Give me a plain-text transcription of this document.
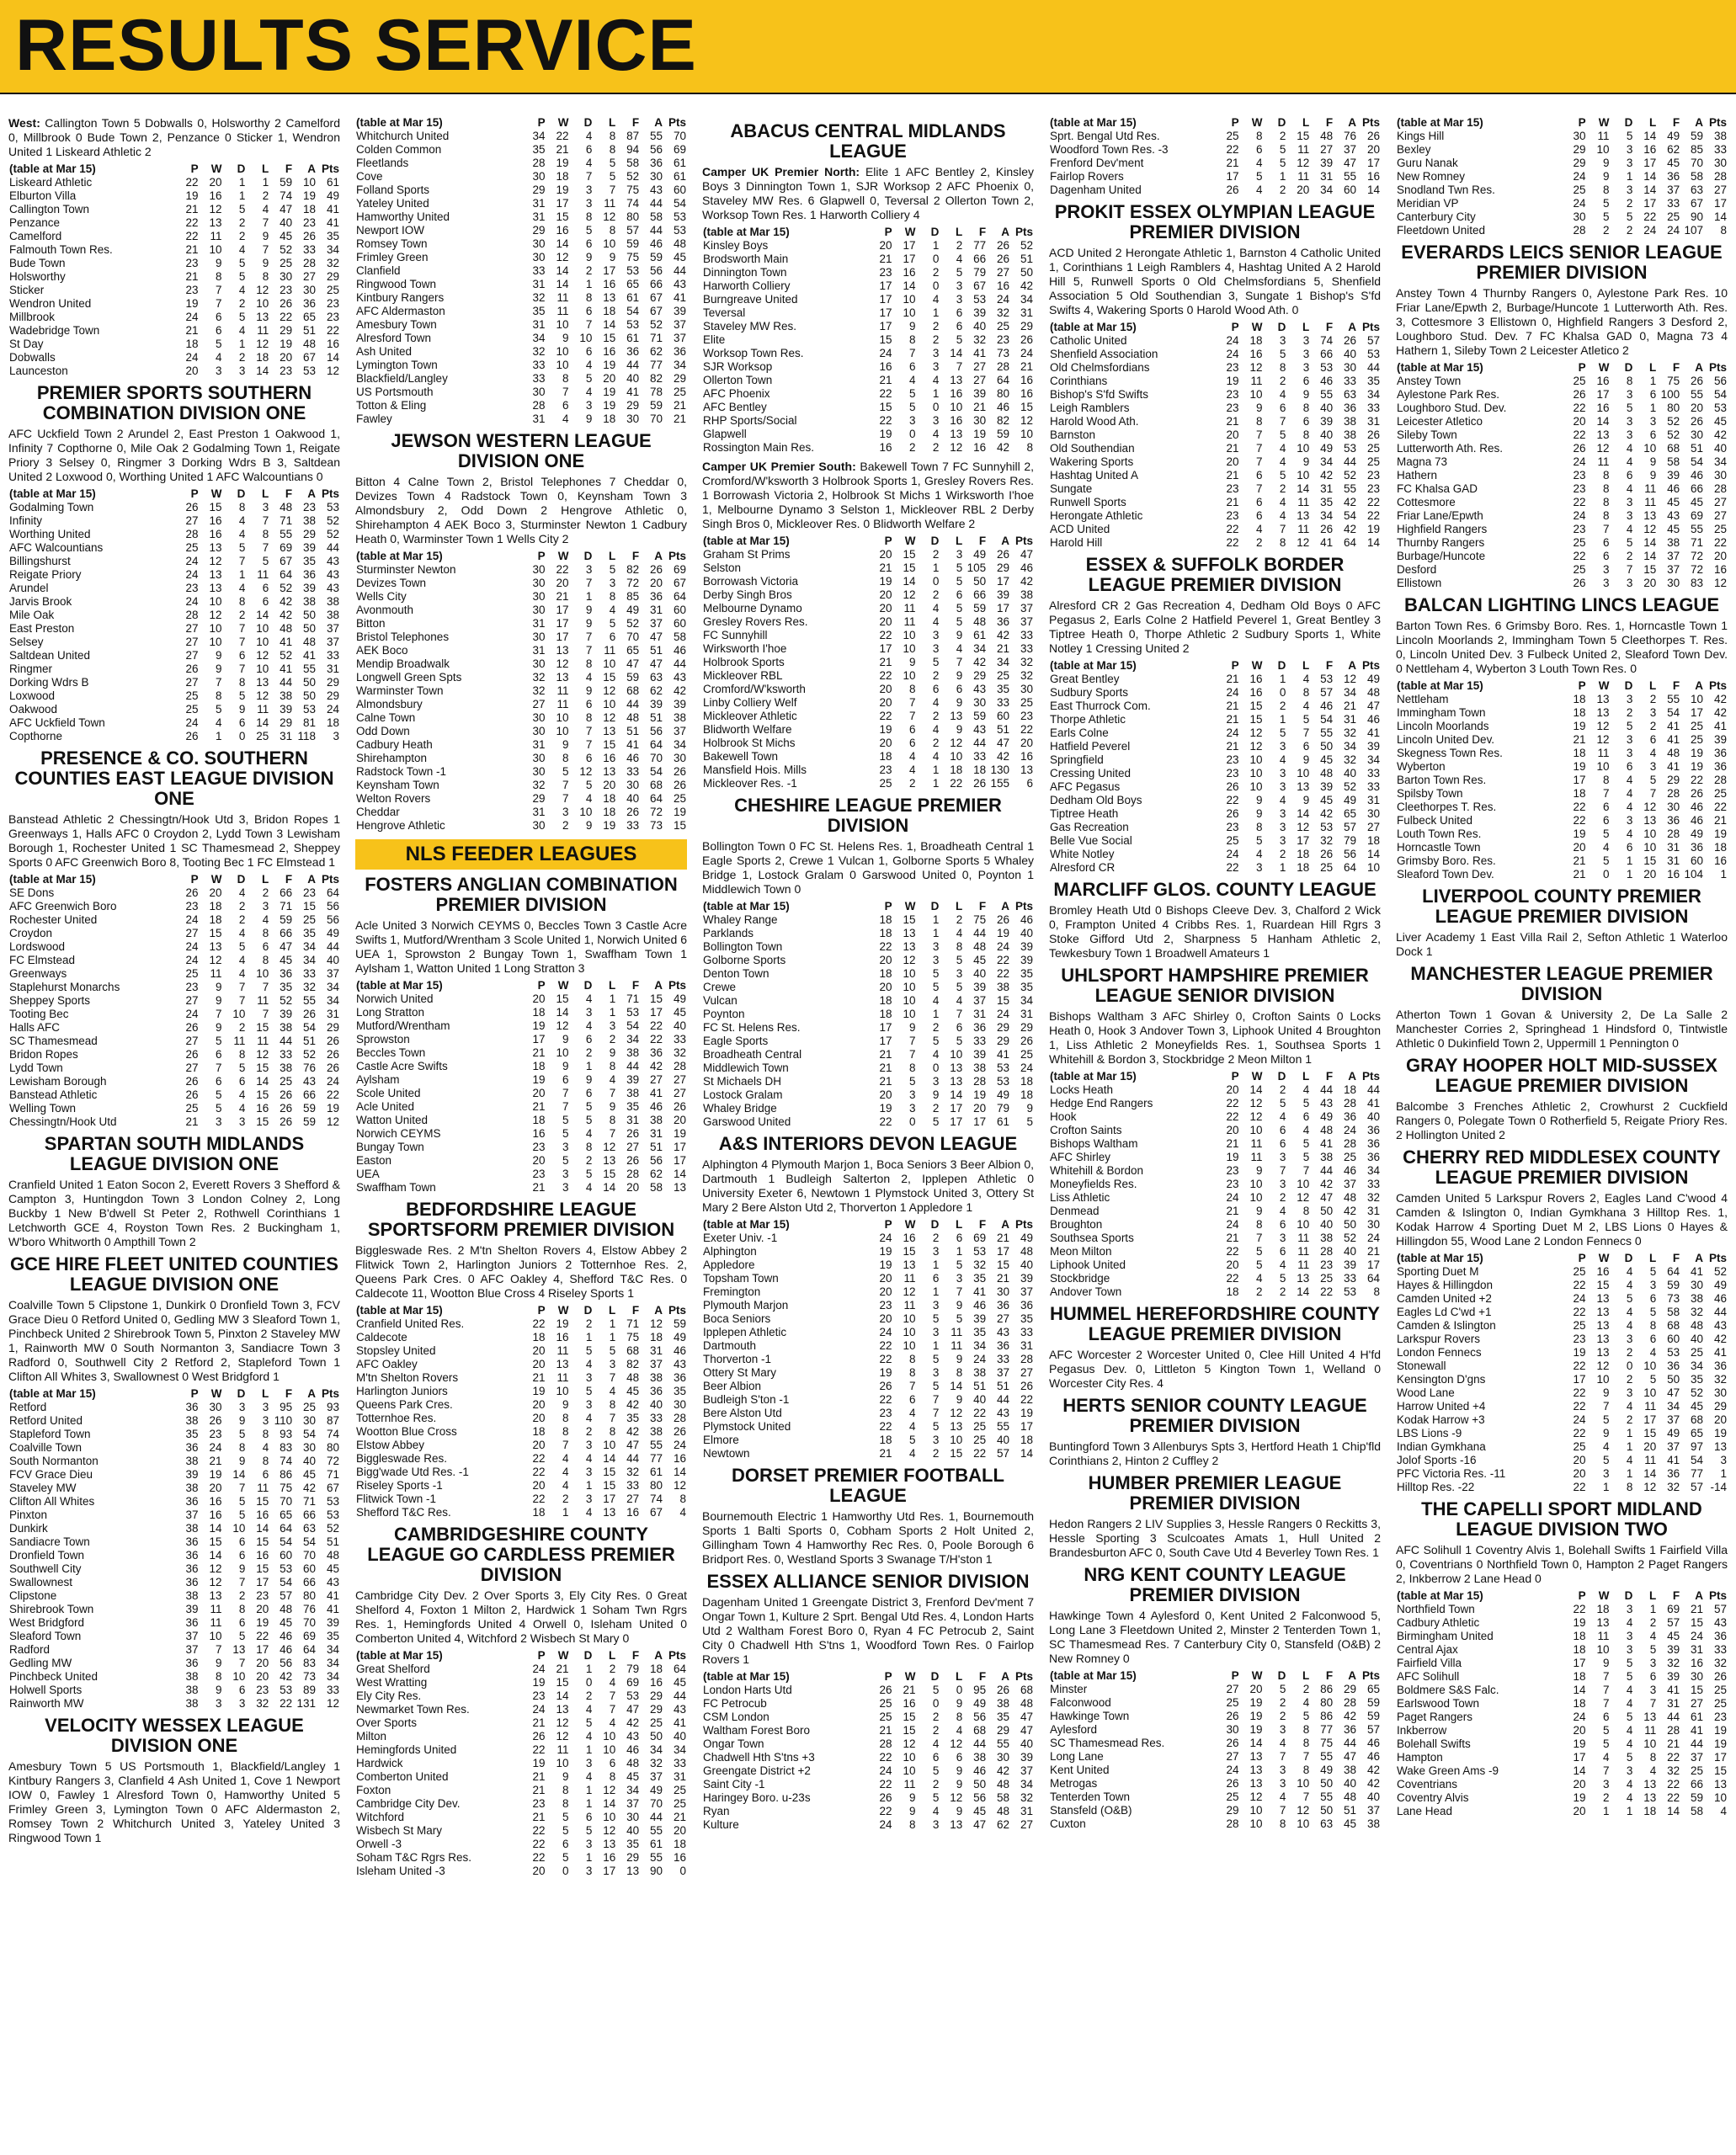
RESULTS SERVICE

West: Callington Town 5 Dobwalls 0, Holsworthy 2 Camelford 0, Millbrook 0 Bude Town 2, Penzance 0 Sticker 1, Wendron United 1 Liskeard Athletic 2

(table at Mar 15)	P	W	D	L	F	A	Pts
Liskeard Athletic	22	20	1	1	59	10	61
Elburton Villa	19	16	1	2	74	19	49
Callington Town	21	12	5	4	47	18	41
Penzance	22	13	2	7	40	23	41
Camelford	22	11	2	9	45	26	35
Falmouth Town Res.	21	10	4	7	52	33	34
Bude Town	23	9	5	9	25	28	32
Holsworthy	21	8	5	8	30	27	29
Sticker	23	7	4	12	23	30	25
Wendron United	19	7	2	10	26	36	23
Millbrook	24	6	5	13	22	65	23
Wadebridge Town	21	6	4	11	29	51	22
St Day	18	5	1	12	19	48	16
Dobwalls	24	4	2	18	20	67	14
Launceston	20	3	3	14	23	53	12
PREMIER SPORTS SOUTHERN COMBINATION DIVISION ONE

AFC Uckfield Town 2 Arundel 2, East Preston 1 Oakwood 1, Infinity 7 Copthorne 0, Mile Oak 2 Godalming Town 1, Reigate Priory 3 Selsey 0, Ringmer 3 Dorking Wdrs B 3, Saltdean United 2 Loxwood 0, Worthing United 1 AFC Walcountians 0

(table at Mar 15)	P	W	D	L	F	A	Pts
Godalming Town	26	15	8	3	48	23	53
Infinity	27	16	4	7	71	38	52
Worthing United	28	16	4	8	55	29	52
AFC Walcountians	25	13	5	7	69	39	44
Billingshurst	24	12	7	5	67	35	43
Reigate Priory	24	13	1	11	64	36	43
Arundel	23	13	4	6	52	39	43
Jarvis Brook	24	10	8	6	42	38	38
Mile Oak	28	12	2	14	42	50	38
East Preston	27	10	7	10	48	50	37
Selsey	27	10	7	10	41	48	37
Saltdean United	27	9	6	12	52	41	33
Ringmer	26	9	7	10	41	55	31
Dorking Wdrs B	27	7	8	13	44	50	29
Loxwood	25	8	5	12	38	50	29
Oakwood	25	5	9	11	39	53	24
AFC Uckfield Town	24	4	6	14	29	81	18
Copthorne	26	1	0	25	31	118	3
PRESENCE & CO. SOUTHERN COUNTIES EAST LEAGUE DIVISION ONE

Banstead Athletic 2 Chessingtn/Hook Utd 3, Bridon Ropes 1 Greenways 1, Halls AFC 0 Croydon 2, Lydd Town 3 Lewisham Borough 1, Rochester United 1 SC Thamesmead 2, Sheppey Sports 0 AFC Greenwich Boro 8, Tooting Bec 1 FC Elmstead 1

(table at Mar 15)	P	W	D	L	F	A	Pts
SE Dons	26	20	4	2	66	23	64
AFC Greenwich Boro	23	18	2	3	71	15	56
Rochester United	24	18	2	4	59	25	56
Croydon	27	15	4	8	66	35	49
Lordswood	24	13	5	6	47	34	44
FC Elmstead	24	12	4	8	45	34	40
Greenways	25	11	4	10	36	33	37
Staplehurst Monarchs	23	9	7	7	35	32	34
Sheppey Sports	27	9	7	11	52	55	34
Tooting Bec	24	7	10	7	39	26	31
Halls AFC	26	9	2	15	38	54	29
SC Thamesmead	27	5	11	11	44	51	26
Bridon Ropes	26	6	8	12	33	52	26
Lydd Town	27	7	5	15	38	76	26
Lewisham Borough	26	6	6	14	25	43	24
Banstead Athletic	26	5	4	15	26	66	22
Welling Town	25	5	4	16	26	59	19
Chessingtn/Hook Utd	21	3	3	15	26	59	12
SPARTAN SOUTH MIDLANDS LEAGUE DIVISION ONE

Cranfield United 1 Eaton Socon 2, Everett Rovers 3 Shefford & Campton 3, Huntingdon Town 3 London Colney 2, Long Buckby 1 New B'dwell St Peter 2, Rothwell Corinthians 1 Letchworth GCE 4, Royston Town Res. 2 Buckingham 1, W'boro Whitworth 0 Ampthill Town 2

GCE HIRE FLEET UNITED COUNTIES LEAGUE DIVISION ONE

Coalville Town 5 Clipstone 1, Dunkirk 0 Dronfield Town 3, FCV Grace Dieu 0 Retford United 0, Gedling MW 3 Sleaford Town 1, Pinchbeck United 2 Shirebrook Town 5, Pinxton 2 Staveley MW 1, Rainworth MW 0 South Normanton 3, Sandiacre Town 3 Radford 0, Southwell City 2 Retford 2, Stapleford Town 1 Clifton All Whites 3, Swallownest 0 West Bridgford 1

(table at Mar 15)	P	W	D	L	F	A	Pts
Retford	36	30	3	3	95	25	93
Retford United	38	26	9	3	110	30	87
Stapleford Town	35	23	5	8	93	54	74
Coalville Town	36	24	8	4	83	30	80
South Normanton	38	21	9	8	74	40	72
FCV Grace Dieu	39	19	14	6	86	45	71
Staveley MW	38	20	7	11	75	42	67
Clifton All Whites	36	16	5	15	70	71	53
Pinxton	37	16	5	16	65	66	53
Dunkirk	38	14	10	14	64	63	52
Sandiacre Town	36	15	6	15	54	54	51
Dronfield Town	36	14	6	16	60	70	48
Southwell City	36	12	9	15	53	60	45
Swallownest	36	12	7	17	54	66	43
Clipstone	38	13	2	23	57	80	41
Shirebrook Town	39	11	8	20	48	76	41
West Bridgford	36	11	6	19	45	70	39
Sleaford Town	37	10	5	22	46	69	35
Radford	37	7	13	17	46	64	34
Gedling MW	36	9	7	20	56	83	34
Pinchbeck United	38	8	10	20	42	73	34
Holwell Sports	38	9	6	23	53	89	33
Rainworth MW	38	3	3	32	22	131	12
VELOCITY WESSEX LEAGUE DIVISION ONE

Amesbury Town 5 US Portsmouth 1, Blackfield/Langley 1 Kintbury Rangers 3, Clanfield 4 Ash United 1, Cove 1 Newport IOW 0, Fawley 1 Alresford Town 0, Hamworthy United 5 Frimley Green 3, Lymington Town 0 AFC Aldermaston 2, Romsey Town 2 Whitchurch United 3, Yateley United 3 Ringwood Town 1

(table at Mar 15)	P	W	D	L	F	A	Pts
Whitchurch United	34	22	4	8	87	55	70
Colden Common	35	21	6	8	94	56	69
Fleetlands	28	19	4	5	58	36	61
Cove	30	18	7	5	52	30	61
Folland Sports	29	19	3	7	75	43	60
Yateley United	31	17	3	11	74	44	54
Hamworthy United	31	15	8	12	80	58	53
Newport IOW	29	16	5	8	57	44	53
Romsey Town	30	14	6	10	59	46	48
Frimley Green	30	12	9	9	75	59	45
Clanfield	33	14	2	17	53	56	44
Ringwood Town	31	14	1	16	65	66	43
Kintbury Rangers	32	11	8	13	61	67	41
AFC Aldermaston	35	11	6	18	54	67	39
Amesbury Town	31	10	7	14	53	52	37
Alresford Town	34	9	10	15	61	71	37
Ash United	32	10	6	16	36	62	36
Lymington Town	33	10	4	19	44	77	34
Blackfield/Langley	33	8	5	20	40	82	29
US Portsmouth	30	7	4	19	41	78	25
Totton & Eling	28	6	3	19	29	59	21
Fawley	31	4	9	18	30	70	21
JEWSON WESTERN LEAGUE DIVISION ONE

Bitton 4 Calne Town 2, Bristol Telephones 7 Cheddar 0, Devizes Town 4 Radstock Town 0, Keynsham Town 3 Almondsbury 2, Odd Down 2 Hengrove Athletic 0, Shirehampton 4 AEK Boco 3, Sturminster Newton 1 Cadbury Heath 0, Warminster Town 1 Wells City 2

(table at Mar 15)	P	W	D	L	F	A	Pts
Sturminster Newton	30	22	3	5	82	26	69
Devizes Town	30	20	7	3	72	20	67
Wells City	30	21	1	8	85	36	64
Avonmouth	30	17	9	4	49	31	60
Bitton	31	17	9	5	52	37	60
Bristol Telephones	30	17	7	6	70	47	58
AEK Boco	31	13	7	11	65	51	46
Mendip Broadwalk	30	12	8	10	47	47	44
Longwell Green Spts	32	13	4	15	59	63	43
Warminster Town	32	11	9	12	68	62	42
Almondsbury	27	11	6	10	44	39	39
Calne Town	30	10	8	12	48	51	38
Odd Down	30	10	7	13	51	56	37
Cadbury Heath	31	9	7	15	41	64	34
Shirehampton	30	8	6	16	46	70	30
Radstock Town -1	30	5	12	13	33	54	26
Keynsham Town	32	7	5	20	30	68	26
Welton Rovers	29	7	4	18	40	64	25
Cheddar	31	3	10	18	26	72	19
Hengrove Athletic	30	2	9	19	33	73	15
NLS FEEDER LEAGUES
FOSTERS ANGLIAN COMBINATION PREMIER DIVISION

Acle United 3 Norwich CEYMS 0, Beccles Town 3 Castle Acre Swifts 1, Mutford/Wrentham 3 Scole United 1, Norwich United 6 UEA 1, Sprowston 2 Bungay Town 1, Swaffham Town 1 Aylsham 1, Watton United 1 Long Stratton 3

(table at Mar 15)	P	W	D	L	F	A	Pts
Norwich United	20	15	4	1	71	15	49
Long Stratton	18	14	3	1	53	17	45
Mutford/Wrentham	19	12	4	3	54	22	40
Sprowston	17	9	6	2	34	22	33
Beccles Town	21	10	2	9	38	36	32
Castle Acre Swifts	18	9	1	8	44	42	28
Aylsham	19	6	9	4	39	27	27
Scole United	20	7	6	7	38	41	27
Acle United	21	7	5	9	35	46	26
Watton United	18	5	5	8	31	38	20
Norwich CEYMS	16	5	4	7	26	31	19
Bungay Town	23	3	8	12	27	51	17
Easton	20	5	2	13	26	56	17
UEA	23	3	5	15	28	62	14
Swaffham Town	21	3	4	14	20	58	13
BEDFORDSHIRE LEAGUE SPORTSFORM PREMIER DIVISION

Biggleswade Res. 2 M'tn Shelton Rovers 4, Elstow Abbey 2 Flitwick Town 2, Harlington Juniors 2 Totternhoe Res. 2, Queens Park Cres. 0 AFC Oakley 4, Shefford T&C Res. 0 Caldecote 11, Wootton Blue Cross 4 Riseley Sports 1

(table at Mar 15)	P	W	D	L	F	A	Pts
Cranfield United Res.	22	19	2	1	71	12	59
Caldecote	18	16	1	1	75	18	49
Stopsley United	20	11	5	5	68	31	46
AFC Oakley	20	13	4	3	82	37	43
M'tn Shelton Rovers	21	11	3	7	48	38	36
Harlington Juniors	19	10	5	4	45	36	35
Queens Park Cres.	20	9	3	8	42	40	30
Totternhoe Res.	20	8	4	7	35	33	28
Wootton Blue Cross	18	8	2	8	42	38	26
Elstow Abbey	20	7	3	10	47	55	24
Biggleswade Res.	22	4	4	14	44	77	16
Bigg'wade Utd Res. -1	22	4	3	15	32	61	14
Riseley Sports -1	20	4	1	15	33	80	12
Flitwick Town -1	22	2	3	17	27	74	8
Shefford T&C Res.	18	1	4	13	16	67	4
CAMBRIDGESHIRE COUNTY LEAGUE GO CARDLESS PREMIER DIVISION

Cambridge City Dev. 2 Over Sports 3, Ely City Res. 0 Great Shelford 4, Foxton 1 Milton 2, Hardwick 1 Soham Twn Rgrs Res. 1, Hemingfords United 4 Orwell 0, Isleham United 0 Comberton United 4, Witchford 2 Wisbech St Mary 0

(table at Mar 15)	P	W	D	L	F	A	Pts
Great Shelford	24	21	1	2	79	18	64
West Wratting	19	15	0	4	69	16	45
Ely City Res.	23	14	2	7	53	29	44
Newmarket Town Res.	24	13	4	7	47	29	43
Over Sports	21	12	5	4	42	25	41
Milton	26	12	4	10	43	50	40
Hemingfords United	22	11	1	10	46	34	34
Hardwick	19	10	3	6	48	32	33
Comberton United	21	9	4	8	45	37	31
Foxton	21	8	1	12	34	49	25
Cambridge City Dev.	23	8	1	14	37	70	25
Witchford	21	5	6	10	30	44	21
Wisbech St Mary	22	5	5	12	40	55	20
Orwell -3	22	6	3	13	35	61	18
Soham T&C Rgrs Res.	22	5	1	16	29	55	16
Isleham United -3	20	0	3	17	13	90	0
ABACUS CENTRAL MIDLANDS LEAGUE

Camper UK Premier North: Elite 1 AFC Bentley 2, Kinsley Boys 3 Dinnington Town 1, SJR Worksop 2 AFC Phoenix 0, Staveley MW Res. 6 Glapwell 0, Teversal 2 Ollerton Town 2, Worksop Town Res. 1 Harworth Colliery 4

(table at Mar 15)	P	W	D	L	F	A	Pts
Kinsley Boys	20	17	1	2	77	26	52
Brodsworth Main	21	17	0	4	66	26	51
Dinnington Town	23	16	2	5	79	27	50
Harworth Colliery	17	14	0	3	67	16	42
Burngreave United	17	10	4	3	53	24	34
Teversal	17	10	1	6	39	32	31
Staveley MW Res.	17	9	2	6	40	25	29
Elite	15	8	2	5	32	23	26
Worksop Town Res.	24	7	3	14	41	73	24
SJR Worksop	16	6	3	7	27	28	21
Ollerton Town	21	4	4	13	27	64	16
AFC Phoenix	22	5	1	16	39	80	16
AFC Bentley	15	5	0	10	21	46	15
RHP Sports/Social	22	3	3	16	30	82	12
Glapwell	19	0	4	13	19	59	10
Rossington Main Res.	16	2	2	12	16	42	8

Camper UK Premier South: Bakewell Town 7 FC Sunnyhill 2, Cromford/W'ksworth 3 Holbrook Sports 1, Gresley Rovers Res. 1 Borrowash Victoria 2, Holbrook St Michs 1 Wirksworth I'hoe 1, Melbourne Dynamo 3 Selston 1, Mickleover RBL 2 Derby Singh Bros 0, Mickleover Res. 0 Blidworth Welfare 2

(table at Mar 15)	P	W	D	L	F	A	Pts
Graham St Prims	20	15	2	3	49	26	47
Selston	21	15	1	5	105	29	46
Borrowash Victoria	19	14	0	5	50	17	42
Derby Singh Bros	20	12	2	6	66	39	38
Melbourne Dynamo	20	11	4	5	59	17	37
Gresley Rovers Res.	20	11	4	5	48	36	37
FC Sunnyhill	22	10	3	9	61	42	33
Wirksworth I'hoe	17	10	3	4	34	21	33
Holbrook Sports	21	9	5	7	42	34	32
Mickleover RBL	22	10	2	9	29	25	32
Cromford/W'ksworth	20	8	6	6	43	35	30
Linby Colliery Welf	20	7	4	9	30	33	25
Mickleover Athletic	22	7	2	13	59	60	23
Blidworth Welfare	19	6	4	9	43	51	22
Holbrook St Michs	20	6	2	12	44	47	20
Bakewell Town	18	4	4	10	33	42	16
Mansfield Hois. Mills	23	4	1	18	18	130	13
Mickleover Res. -1	25	2	1	22	26	155	6
CHESHIRE LEAGUE PREMIER DIVISION

Bollington Town 0 FC St. Helens Res. 1, Broadheath Central 1 Eagle Sports 2, Crewe 1 Vulcan 1, Golborne Sports 5 Whaley Bridge 1, Lostock Gralam 0 Garswood United 0, Poynton 1 Middlewich Town 0

(table at Mar 15)	P	W	D	L	F	A	Pts
Whaley Range	18	15	1	2	75	26	46
Parklands	18	13	1	4	44	19	40
Bollington Town	22	13	3	8	48	24	39
Golborne Sports	20	12	3	5	45	22	39
Denton Town	18	10	5	3	40	22	35
Crewe	20	10	5	5	39	38	35
Vulcan	18	10	4	4	37	15	34
Poynton	18	10	1	7	31	24	31
FC St. Helens Res.	17	9	2	6	36	29	29
Eagle Sports	17	7	5	5	33	29	26
Broadheath Central	21	7	4	10	39	41	25
Middlewich Town	21	8	0	13	38	53	24
St Michaels DH	21	5	3	13	28	53	18
Lostock Gralam	20	3	9	14	19	49	18
Whaley Bridge	19	3	2	17	20	79	9
Garswood United	22	0	5	17	17	61	5
A&S INTERIORS DEVON LEAGUE

Alphington 4 Plymouth Marjon 1, Boca Seniors 3 Beer Albion 0, Dartmouth 1 Budleigh Salterton 2, Ipplepen Athletic 0 University Exeter 6, Newtown 1 Plymstock United 3, Ottery St Mary 2 Bere Alston Utd 2, Thorverton 1 Appledore 1

(table at Mar 15)	P	W	D	L	F	A	Pts
Exeter Univ. -1	24	16	2	6	69	21	49
Alphington	19	15	3	1	53	17	48
Appledore	19	13	1	5	32	15	40
Topsham Town	20	11	6	3	35	21	39
Fremington	20	12	1	7	41	30	37
Plymouth Marjon	23	11	3	9	46	36	36
Boca Seniors	20	10	5	5	39	27	35
Ipplepen Athletic	24	10	3	11	35	43	33
Dartmouth	22	10	1	11	34	36	31
Thorverton -1	22	8	5	9	24	33	28
Ottery St Mary	19	8	3	8	38	37	27
Beer Albion	26	7	5	14	51	51	26
Budleigh S'ton -1	22	6	7	9	40	44	22
Bere Alston Utd	23	4	7	12	22	43	19
Plymstock United	22	4	5	13	25	55	17
Elmore	18	5	3	10	25	40	18
Newtown	21	4	2	15	22	57	14
DORSET PREMIER FOOTBALL LEAGUE

Bournemouth Electric 1 Hamworthy Utd Res. 1, Bournemouth Sports 1 Balti Sports 0, Cobham Sports 2 Holt United 2, Gillingham Town 4 Hamworthy Rec Res. 0, Poole Borough 6 Bridport Res. 0, Westland Sports 3 Swanage T/H'ston 1

ESSEX ALLIANCE SENIOR DIVISION

Dagenham United 1 Greengate District 3, Frenford Dev'ment 7 Ongar Town 1, Kulture 2 Sprt. Bengal Utd Res. 4, London Harts Utd 2 Waltham Forest Boro 0, Ryan 4 FC Petrocub 2, Saint City 0 Chadwell Hth S'tns 1, Woodford Town Res. 0 Fairlop Rovers 1

(table at Mar 15)	P	W	D	L	F	A	Pts
London Harts Utd	26	21	5	0	95	26	68
FC Petrocub	25	16	0	9	49	38	48
CSM London	25	15	2	8	56	35	47
Waltham Forest Boro	21	15	2	4	68	29	47
Ongar Town	28	12	4	12	44	55	40
Chadwell Hth S'tns +3	22	10	6	6	38	30	39
Greengate District +2	24	10	5	9	46	42	37
Saint City -1	22	11	2	9	50	48	34
Haringey Boro. u-23s	26	9	5	12	56	58	32
Ryan	22	9	4	9	45	48	31
Kulture	24	8	3	13	47	62	27
(table at Mar 15)	P	W	D	L	F	A	Pts
Sprt. Bengal Utd Res.	25	8	2	15	48	76	26
Woodford Town Res. -3	22	6	5	11	27	37	20
Frenford Dev'ment	21	4	5	12	39	47	17
Fairlop Rovers	17	5	1	11	31	55	16
Dagenham United	26	4	2	20	34	60	14
PROKIT ESSEX OLYMPIAN LEAGUE PREMIER DIVISION

ACD United 2 Herongate Athletic 1, Barnston 4 Catholic United 1, Corinthians 1 Leigh Ramblers 4, Hashtag United A 2 Harold Hill 5, Runwell Sports 0 Old Chelmsfordians 5, Shenfield Association 5 Old Southendian 3, Sungate 1 Bishop's S'fd Swifts 4, Wakering Sports 0 Harold Wood Ath. 0

(table at Mar 15)	P	W	D	L	F	A	Pts
Catholic United	24	18	3	3	74	26	57
Shenfield Association	24	16	5	3	66	40	53
Old Chelmsfordians	23	12	8	3	53	30	44
Corinthians	19	11	2	6	46	33	35
Bishop's S'fd Swifts	23	10	4	9	55	63	34
Leigh Ramblers	23	9	6	8	40	36	33
Harold Wood Ath.	21	8	7	6	39	38	31
Barnston	20	7	5	8	40	38	26
Old Southendian	21	7	4	10	49	53	25
Wakering Sports	20	7	4	9	34	44	25
Hashtag United A	21	6	5	10	42	52	23
Sungate	23	7	2	14	31	55	23
Runwell Sports	21	6	4	11	35	42	22
Herongate Athletic	23	6	4	13	34	54	22
ACD United	22	4	7	11	26	42	19
Harold Hill	22	2	8	12	41	64	14
ESSEX & SUFFOLK BORDER LEAGUE PREMIER DIVISION

Alresford CR 2 Gas Recreation 4, Dedham Old Boys 0 AFC Pegasus 2, Earls Colne 2 Hatfield Peverel 1, Great Bentley 3 Tiptree Heath 0, Thorpe Athletic 2 Sudbury Sports 1, White Notley 1 Cressing United 2

(table at Mar 15)	P	W	D	L	F	A	Pts
Great Bentley	21	16	1	4	53	12	49
Sudbury Sports	24	16	0	8	57	34	48
East Thurrock Com.	21	15	2	4	46	21	47
Thorpe Athletic	21	15	1	5	54	31	46
Earls Colne	24	12	5	7	55	32	41
Hatfield Peverel	21	12	3	6	50	34	39
Springfield	23	10	4	9	45	32	34
Cressing United	23	10	3	10	48	40	33
AFC Pegasus	26	10	3	13	39	52	33
Dedham Old Boys	22	9	4	9	45	49	31
Tiptree Heath	26	9	3	14	42	65	30
Gas Recreation	23	8	3	12	53	57	27
Belle Vue Social	25	5	3	17	32	79	18
White Notley	24	4	2	18	26	56	14
Alresford CR	22	3	1	18	25	64	10
MARCLIFF GLOS. COUNTY LEAGUE

Bromley Heath Utd 0 Bishops Cleeve Dev. 3, Chalford 2 Wick 0, Frampton United 4 Cribbs Res. 1, Ruardean Hill Rgrs 3 Stoke Gifford Utd 2, Sharpness 5 Hanham Athletic 2, Tewkesbury Town 1 Broadwell Amateurs 1

UHLSPORT HAMPSHIRE PREMIER LEAGUE SENIOR DIVISION

Bishops Waltham 3 AFC Shirley 0, Crofton Saints 0 Locks Heath 0, Hook 3 Andover Town 3, Liphook United 4 Broughton 1, Liss Athletic 2 Moneyfields Res. 1, Southsea Sports 1 Whitehill & Bordon 3, Stockbridge 2 Meon Milton 1

(table at Mar 15)	P	W	D	L	F	A	Pts
Locks Heath	20	14	2	4	44	18	44
Hedge End Rangers	22	12	5	5	43	28	41
Hook	22	12	4	6	49	36	40
Crofton Saints	20	10	6	4	48	24	36
Bishops Waltham	21	11	6	5	41	28	36
AFC Shirley	19	11	3	5	38	25	36
Whitehill & Bordon	23	9	7	7	44	46	34
Moneyfields Res.	23	10	3	10	42	37	33
Liss Athletic	24	10	2	12	47	48	32
Denmead	21	9	4	8	50	42	31
Broughton	24	8	6	10	40	50	30
Southsea Sports	21	7	3	11	38	52	24
Meon Milton	22	5	6	11	28	40	21
Liphook United	20	5	4	11	23	39	17
Stockbridge	22	4	5	13	25	33	64
Andover Town	18	2	2	14	22	53	8
HUMMEL HEREFORDSHIRE COUNTY LEAGUE PREMIER DIVISION

AFC Worcester 2 Worcester United 0, Clee Hill United 4 H'fd Pegasus Dev. 0, Littleton 5 Kington Town 1, Welland 0 Worcester City Res. 4

HERTS SENIOR COUNTY LEAGUE PREMIER DIVISION

Buntingford Town 3 Allenburys Spts 3, Hertford Heath 1 Chip'fld Corinthians 2, Hinton 2 Cuffley 2

HUMBER PREMIER LEAGUE PREMIER DIVISION

Hedon Rangers 2 LIV Supplies 3, Hessle Rangers 0 Reckitts 3, Hessle Sporting 3 Sculcoates Amats 1, Hull United 2 Brandesburton AFC 0, South Cave Utd 4 Beverley Town Res. 1

NRG KENT COUNTY LEAGUE PREMIER DIVISION

Hawkinge Town 4 Aylesford 0, Kent United 2 Falconwood 5, Long Lane 3 Fleetdown United 2, Minster 2 Tenterden Town 1, SC Thamesmead Res. 7 Canterbury City 0, Stansfeld (O&B) 2 New Romney 0

(table at Mar 15)	P	W	D	L	F	A	Pts
Minster	27	20	5	2	86	29	65
Falconwood	25	19	2	4	80	28	59
Hawkinge Town	26	19	2	5	86	42	59
Aylesford	30	19	3	8	77	36	57
SC Thamesmead Res.	26	14	4	8	75	44	46
Long Lane	27	13	7	7	55	47	46
Kent United	24	13	3	8	49	38	42
Metrogas	26	13	3	10	50	40	42
Tenterden Town	25	12	4	7	55	48	40
Stansfeld (O&B)	29	10	7	12	50	51	37
Cuxton	28	10	8	10	63	45	38
(table at Mar 15)	P	W	D	L	F	A	Pts
Kings Hill	30	11	5	14	49	59	38
Bexley	29	10	3	16	62	85	33
Guru Nanak	29	9	3	17	45	70	30
New Romney	24	9	1	14	36	58	28
Snodland Twn Res.	25	8	3	14	37	63	27
Meridian VP	24	5	2	17	33	67	17
Canterbury City	30	5	5	22	25	90	14
Fleetdown United	28	2	2	24	24	107	8
EVERARDS LEICS SENIOR LEAGUE PREMIER DIVISION

Anstey Town 4 Thurnby Rangers 0, Aylestone Park Res. 10 Friar Lane/Epwth 2, Burbage/Huncote 1 Lutterworth Ath. Res. 3, Cottesmore 3 Ellistown 0, Highfield Rangers 3 Desford 2, Loughboro Stud. Dev. 7 FC Khalsa GAD 0, Magna 73 4 Hathern 1, Sileby Town 2 Leicester Atletico 2

(table at Mar 15)	P	W	D	L	F	A	Pts
Anstey Town	25	16	8	1	75	26	56
Aylestone Park Res.	26	17	3	6	100	55	54
Loughboro Stud. Dev.	22	16	5	1	80	20	53
Leicester Atletico	20	14	3	3	52	26	45
Sileby Town	22	13	3	6	52	30	42
Lutterworth Ath. Res.	26	12	4	10	68	51	40
Magna 73	24	11	4	9	58	54	34
Hathern	23	8	6	9	39	46	30
FC Khalsa GAD	23	8	4	11	46	66	28
Cottesmore	22	8	3	11	45	45	27
Friar Lane/Epwth	24	8	3	13	43	69	27
Highfield Rangers	23	7	4	12	45	55	25
Thurnby Rangers	25	6	5	14	38	71	22
Burbage/Huncote	22	6	2	14	37	72	20
Desford	25	3	7	15	37	72	16
Ellistown	26	3	3	20	30	83	12
BALCAN LIGHTING LINCS LEAGUE

Barton Town Res. 6 Grimsby Boro. Res. 1, Horncastle Town 1 Lincoln Moorlands 2, Immingham Town 5 Cleethorpes T. Res. 0, Lincoln United Dev. 3 Fulbeck United 2, Sleaford Town Dev. 0 Nettleham 4, Wyberton 3 Louth Town Res. 0

(table at Mar 15)	P	W	D	L	F	A	Pts
Nettleham	18	13	3	2	55	10	42
Immingham Town	18	13	2	3	54	17	42
Lincoln Moorlands	19	12	5	2	41	25	41
Lincoln United Dev.	21	12	3	6	41	25	39
Skegness Town Res.	18	11	3	4	48	19	36
Wyberton	19	10	6	3	41	19	36
Barton Town Res.	17	8	4	5	29	22	28
Spilsby Town	18	7	4	7	28	26	25
Cleethorpes T. Res.	22	6	4	12	30	46	22
Fulbeck United	22	6	3	13	36	46	21
Louth Town Res.	19	5	4	10	28	49	19
Horncastle Town	20	4	6	10	31	36	18
Grimsby Boro. Res.	21	5	1	15	31	60	16
Sleaford Town Dev.	21	0	1	20	16	104	1
LIVERPOOL COUNTY PREMIER LEAGUE PREMIER DIVISION

Liver Academy 1 East Villa Rail 2, Sefton Athletic 1 Waterloo Dock 1

MANCHESTER LEAGUE PREMIER DIVISION

Atherton Town 1 Govan & University 2, De La Salle 2 Manchester Corries 2, Springhead 1 Hindsford 0, Tintwistle Athletic 0 Dukinfield Town 2, Uppermill 1 Pennington 0

GRAY HOOPER HOLT MID-SUSSEX LEAGUE PREMIER DIVISION

Balcombe 3 Frenches Athletic 2, Crowhurst 2 Cuckfield Rangers 0, Polegate Town 0 Rotherfield 5, Reigate Priory Res. 2 Hollington United 2

CHERRY RED MIDDLESEX COUNTY LEAGUE PREMIER DIVISION

Camden United 5 Larkspur Rovers 2, Eagles Land C'wood 4 Camden & Islington 0, Indian Gymkhana 3 Hilltop Res. 1, Kodak Harrow 4 Sporting Duet M 2, LBS Lions 0 Hayes & Hillingdon 55, Wood Lane 2 London Fennecs 0

(table at Mar 15)	P	W	D	L	F	A	Pts
Sporting Duet M	25	16	4	5	64	41	52
Hayes & Hillingdon	22	15	4	3	59	30	49
Camden United +2	24	13	5	6	73	38	46
Eagles Ld C'wd +1	22	13	4	5	58	32	44
Camden & Islington	25	13	4	8	68	48	43
Larkspur Rovers	23	13	3	6	60	40	42
London Fennecs	19	13	2	4	53	25	41
Stonewall	22	12	0	10	36	34	36
Kensington D'gns	17	10	2	5	50	35	32
Wood Lane	22	9	3	10	47	52	30
Harrow United +4	22	7	4	11	34	45	29
Kodak Harrow +3	24	5	2	17	37	68	20
LBS Lions -9	22	9	1	15	49	65	19
Indian Gymkhana	25	4	1	20	37	97	13
Jolof Sports -16	20	5	4	11	41	54	3
PFC Victoria Res. -11	20	3	1	14	36	77	1
Hilltop Res. -22	22	1	8	12	32	57	-14
THE CAPELLI SPORT MIDLAND LEAGUE DIVISION TWO

AFC Solihull 1 Coventry Alvis 1, Bolehall Swifts 1 Fairfield Villa 0, Coventrians 0 Northfield Town 0, Hampton 2 Paget Rangers 2, Inkberrow 2 Lane Head 0

(table at Mar 15)	P	W	D	L	F	A	Pts
Northfield Town	22	18	3	1	69	21	57
Cadbury Athletic	19	13	4	2	57	15	43
Birmingham United	18	11	3	4	45	24	36
Central Ajax	18	10	3	5	39	31	33
Fairfield Villa	17	9	5	3	32	16	32
AFC Solihull	18	7	5	6	39	30	26
Boldmere S&S Falc.	14	7	4	3	41	15	25
Earlswood Town	18	7	4	7	31	27	25
Paget Rangers	24	6	5	13	44	61	23
Inkberrow	20	5	4	11	28	41	19
Bolehall Swifts	19	5	4	10	21	44	19
Hampton	17	4	5	8	22	37	17
Wake Green Ams -9	14	7	3	4	32	25	15
Coventrians	20	3	4	13	22	66	13
Coventry Alvis	19	2	4	13	22	59	10
Lane Head	20	1	1	18	14	58	4
